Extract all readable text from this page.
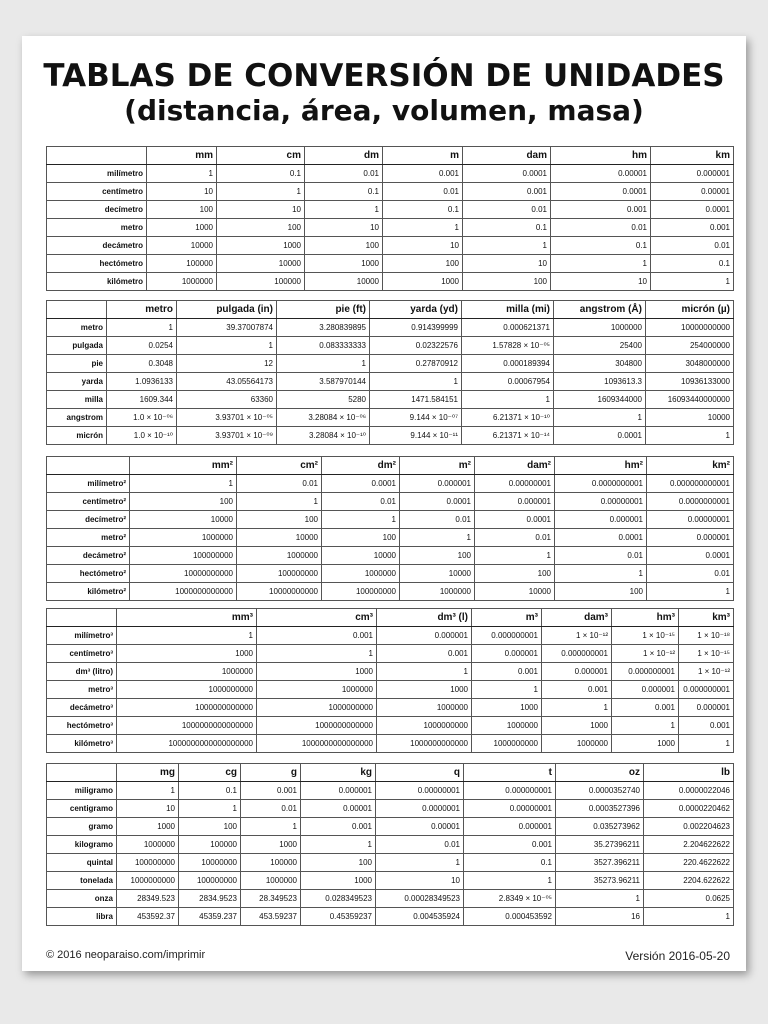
TABLAS DE CONVERSIÓN DE UNIDADES
(distancia, área, volumen, masa)
	mm	cm	dm	m	dam	hm	km
milímetro	1	0.1	0.01	0.001	0.0001	0.00001	0.000001
centímetro	10	1	0.1	0.01	0.001	0.0001	0.00001
decímetro	100	10	1	0.1	0.01	0.001	0.0001
metro	1000	100	10	1	0.1	0.01	0.001
decámetro	10000	1000	100	10	1	0.1	0.01
hectómetro	100000	10000	1000	100	10	1	0.1
kilómetro	1000000	100000	10000	1000	100	10	1
	metro	pulgada (in)	pie (ft)	yarda (yd)	milla (mi)	angstrom (Å)	micrón (µ)
metro	1	39.37007874	3.280839895	0.914399999	0.000621371	1000000	10000000000
pulgada	0.0254	1	0.083333333	0.02322576	1.57828 × 10⁻⁰⁵	25400	254000000
pie	0.3048	12	1	0.27870912	0.000189394	304800	3048000000
yarda	1.0936133	43.05564173	3.587970144	1	0.00067954	1093613.3	10936133000
milla	1609.344	63360	5280	1471.584151	1	1609344000	16093440000000
angstrom	1.0 × 10⁻⁰⁶	3.93701 × 10⁻⁰⁵	3.28084 × 10⁻⁰⁶	9.144 × 10⁻⁰⁷	6.21371 × 10⁻¹⁰	1	10000
micrón	1.0 × 10⁻¹⁰	3.93701 × 10⁻⁰⁹	3.28084 × 10⁻¹⁰	9.144 × 10⁻¹¹	6.21371 × 10⁻¹⁴	0.0001	1
	mm²	cm²	dm²	m²	dam²	hm²	km²
milímetro²	1	0.01	0.0001	0.000001	0.00000001	0.0000000001	0.000000000001
centímetro²	100	1	0.01	0.0001	0.000001	0.00000001	0.0000000001
decímetro²	10000	100	1	0.01	0.0001	0.000001	0.00000001
metro²	1000000	10000	100	1	0.01	0.0001	0.000001
decámetro²	100000000	1000000	10000	100	1	0.01	0.0001
hectómetro²	10000000000	100000000	1000000	10000	100	1	0.01
kilómetro²	1000000000000	10000000000	100000000	1000000	10000	100	1
	mm³	cm³	dm³ (l)	m³	dam³	hm³	km³
milímetro³	1	0.001	0.000001	0.000000001	1 × 10⁻¹²	1 × 10⁻¹⁵	1 × 10⁻¹⁸
centímetro³	1000	1	0.001	0.000001	0.000000001	1 × 10⁻¹²	1 × 10⁻¹⁵
dm³ (litro)	1000000	1000	1	0.001	0.000001	0.000000001	1 × 10⁻¹²
metro³	1000000000	1000000	1000	1	0.001	0.000001	0.000000001
decámetro³	1000000000000	1000000000	1000000	1000	1	0.001	0.000001
hectómetro³	1000000000000000	1000000000000	1000000000	1000000	1000	1	0.001
kilómetro³	1000000000000000000	1000000000000000	1000000000000	1000000000	1000000	1000	1
	mg	cg	g	kg	q	t	oz	lb
miligramo	1	0.1	0.001	0.000001	0.00000001	0.000000001	0.0000352740	0.0000022046
centigramo	10	1	0.01	0.00001	0.0000001	0.00000001	0.0003527396	0.0000220462
gramo	1000	100	1	0.001	0.00001	0.000001	0.035273962	0.002204623
kilogramo	1000000	100000	1000	1	0.01	0.001	35.27396211	2.204622622
quintal	100000000	10000000	100000	100	1	0.1	3527.396211	220.4622622
tonelada	1000000000	100000000	1000000	1000	10	1	35273.96211	2204.622622
onza	28349.523	2834.9523	28.349523	0.028349523	0.00028349523	2.8349 × 10⁻⁰⁵	1	0.0625
libra	453592.37	45359.237	453.59237	0.45359237	0.004535924	0.000453592	16	1
© 2016 neoparaiso.com/imprimir	Versión 2016-05-20
